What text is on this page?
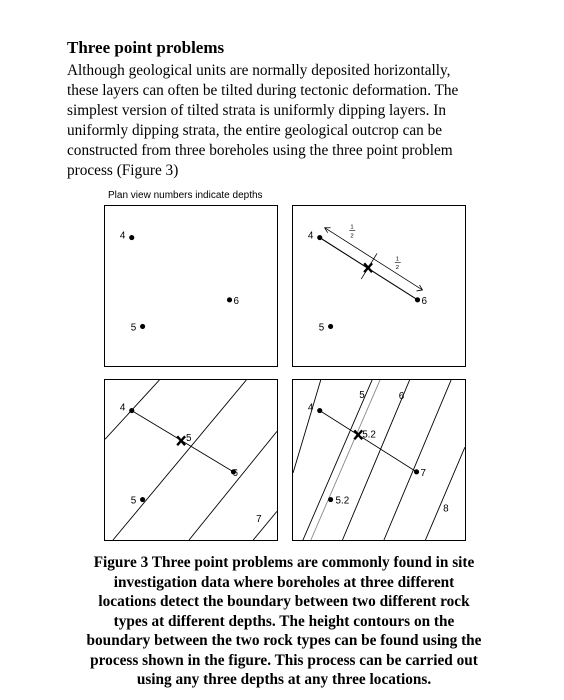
Three point problems

Although geological units are normally deposited horizontally,
these layers can often be tilted during tectonic deformation. The
simplest version of tilted strata is uniformly dipping layers. In
uniformly dipping strata, the entire geological outcrop can be
constructed from three boreholes using the three point problem
process (Figure 3)

Plan view numbers indicate depths
4
6
5
1
2
1
2
4
6
5
5
4
6
5
7
5.2
5	6
4
7
5.2
8

Figure 3 Three point problems are commonly found in site
investigation data where boreholes at three different
locations detect the boundary between two different rock
types at different depths. The height contours on the
boundary between the two rock types can be found using the
process shown in the figure. This process can be carried out
using any three depths at any three locations.
